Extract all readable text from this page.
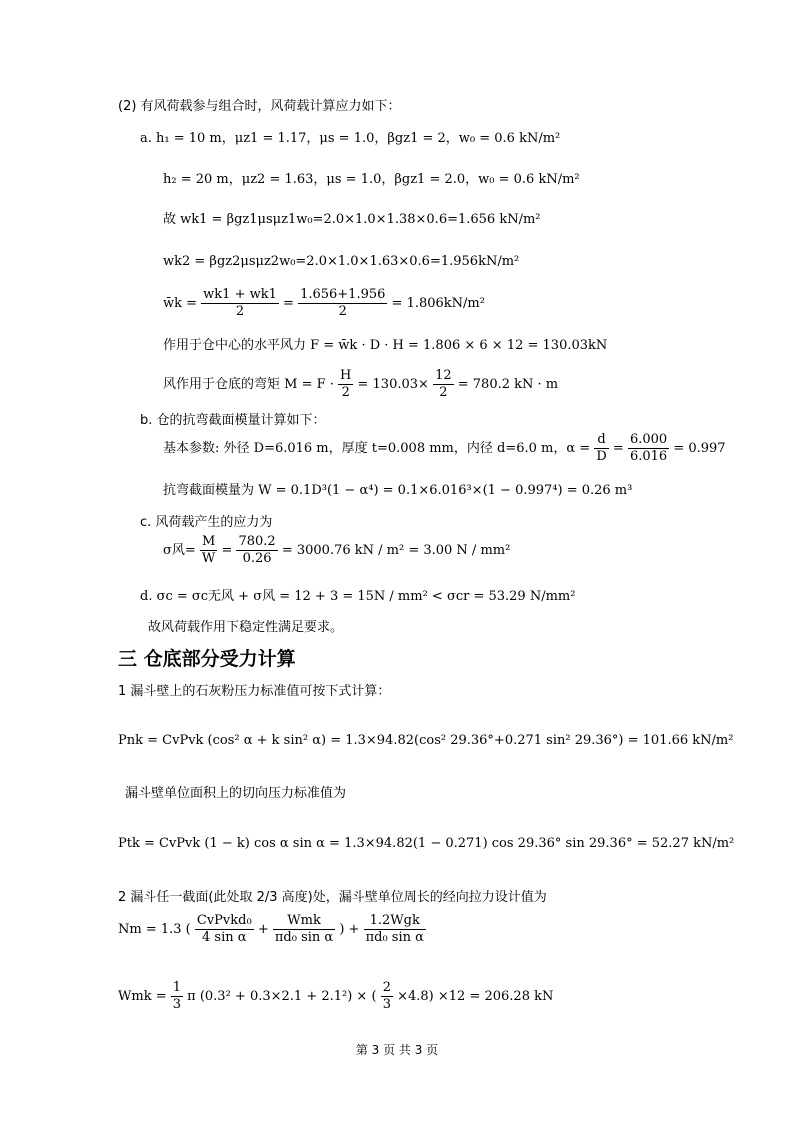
(2) 有风荷载参与组合时，风荷载计算应力如下：
a. h₁ = 10 m，μz1 = 1.17，μs = 1.0，βgz1 = 2，w₀ = 0.6 kN/m²
h₂ = 20 m，μz2 = 1.63，μs = 1.0，βgz1 = 2.0，w₀ = 0.6 kN/m²
故 wk1 = βgz1μsμz1w₀=2.0×1.0×1.38×0.6=1.656 kN/m²
wk2 = βgz2μsμz2w₀=2.0×1.0×1.63×0.6=1.956kN/m²
w̄k = $\frac{wk1 + wk1}{2} = \frac{1.656+1.956}{2} = 1.806kN/m^2$
作用于仓中心的水平风力 F = w̄k · D · H = 1.806 × 6 × 12 = 130.03kN
风作用于仓底的弯矩 $M = F \cdot \frac{H}{2} = 130.03\times \frac{12}{2} = 780.2$ kN · m
b. 仓的抗弯截面模量计算如下：
基本参数: 外径 D=6.016 m，厚度 t=0.008 mm，内径 d=6.0 m，$\alpha = \frac{d}{D} = \frac{6.000}{6.016} = 0.997$
抗弯截面模量为 W = 0.1D³(1 − α⁴) = 0.1×6.016³×(1 − 0.997⁴) = 0.26 m³
c. 风荷载产生的应力为
σ风= $\frac{M}{W} = \frac{780.2}{0.26} = 3000.76$ kN / m² = 3.00 N / mm²
d. σc = σc无风 + σ风 = 12 + 3 = 15N / mm² < σcr = 53.29 N/mm²
故风荷载作用下稳定性满足要求。
三 仓底部分受力计算
1 漏斗壁上的石灰粉压力标准值可按下式计算：
Pnk = CvPvk (cos² α + k sin² α) = 1.3×94.82(cos² 29.36°+0.271 sin² 29.36°) = 101.66 kN/m²
漏斗壁单位面积上的切向压力标准值为
Ptk = CvPvk (1 − k) cos α sin α = 1.3×94.82(1 − 0.271) cos 29.36° sin 29.36° = 52.27 kN/m²
2 漏斗任一截面(此处取 2/3 高度)处，漏斗壁单位周长的经向拉力设计值为
Nm = 1.3 ( $\frac{\text{CvPvkd₀}}{\text{4 sin α}} + \frac{\text{Wmk}}{\text{πd₀ sin α}}$ ) + $\frac{\text{1.2Wgk}}{\text{πd₀ sin α}}$
Wmk = $\frac{1}{3}$ π (0.3² + 0.3×2.1 + 2.1²) × ( $\frac{2}{3} \times 4.8) \times 12 = 206.28$ kN
第 3 页 共 3 页
